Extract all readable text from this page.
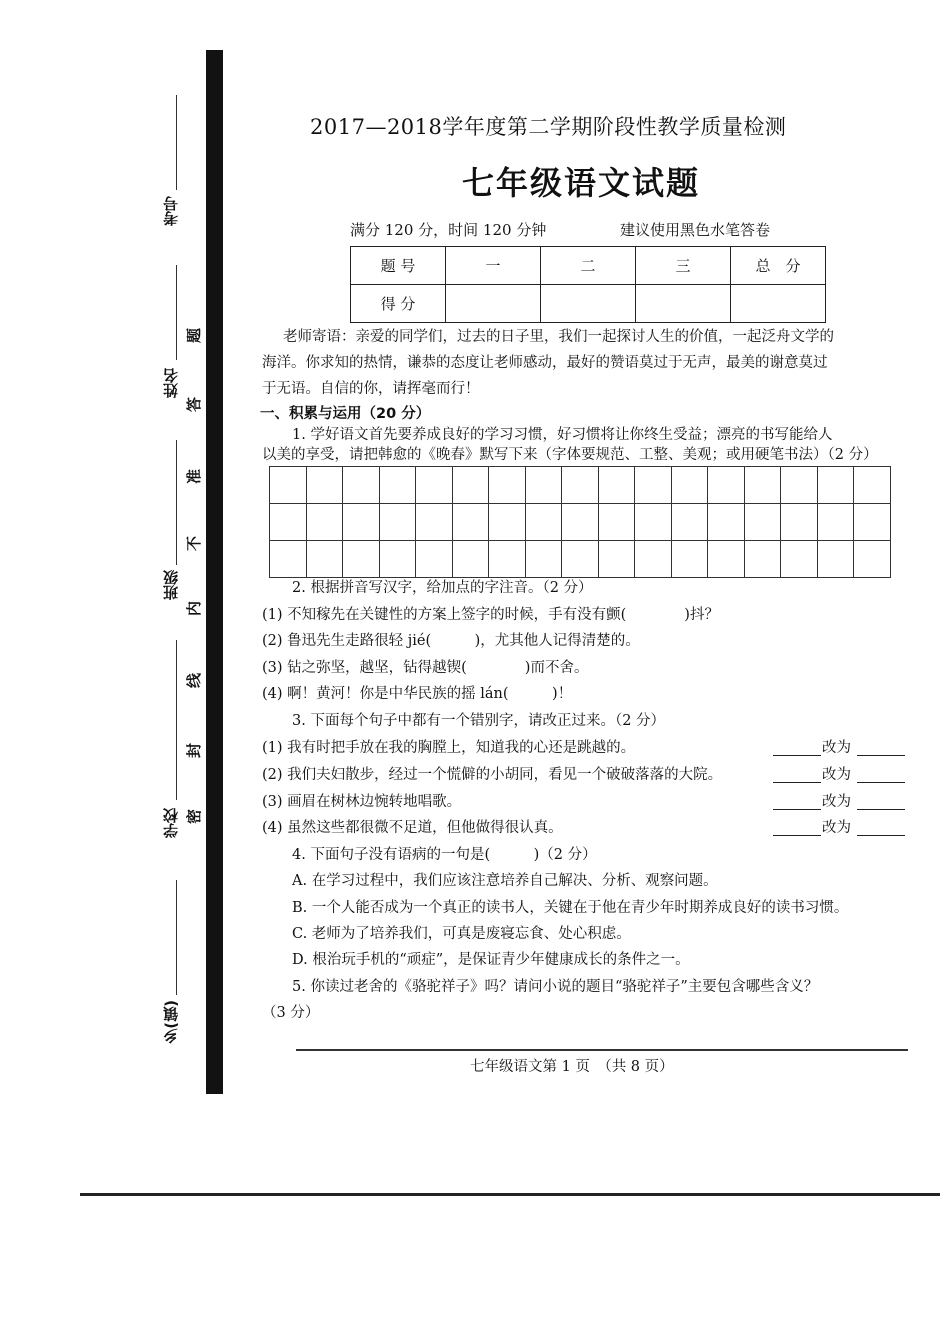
考号
姓名
班级
学校
乡(镇)
题
答
准
不
内
线
封
密
2017—2018学年度第二学期阶段性教学质量检测
七年级语文试题
满分 120 分，时间 120 分钟	建议使用黑色水笔答卷
题 号	一	二	三	总　分
得 分				
老师寄语：亲爱的同学们，过去的日子里，我们一起探讨人生的价值，一起泛舟文学的
海洋。你求知的热情，谦恭的态度让老师感动，最好的赞语莫过于无声，最美的谢意莫过
于无语。自信的你，请挥毫而行！
一、积累与运用（20 分）
1. 学好语文首先要养成良好的学习习惯，好习惯将让你终生受益；漂亮的书写能给人
以美的享受，请把韩愈的《晚春》默写下来（字体要规范、工整、美观；或用硬笔书法）（2 分）

2. 根据拼音写汉字，给加点的字注音。（2 分）
(1) 不知稼先在关键性的方案上签字的时候，手有没有颤(　　　　)抖？
(2) 鲁迅先生走路很轻 jié(　　　)，尤其他人记得清楚的。
(3) 钻之弥坚，越坚，钻得越锲(　　　　)而不舍。
(4) 啊！黄河！你是中华民族的摇 lán(　　　)！
3. 下面每个句子中都有一个错别字，请改正过来。（2 分）
(1) 我有时把手放在我的胸膛上，知道我的心还是跳越的。	改为
(2) 我们夫妇散步，经过一个慌僻的小胡同，看见一个破破落落的大院。	改为
(3) 画眉在树林边惋转地唱歌。	改为
(4) 虽然这些都很微不足道，但他做得很认真。	改为
4. 下面句子没有语病的一句是(　　　)（2 分）
A. 在学习过程中，我们应该注意培养自己解决、分析、观察问题。
B. 一个人能否成为一个真正的读书人，关键在于他在青少年时期养成良好的读书习惯。
C. 老师为了培养我们，可真是废寝忘食、处心积虑。
D. 根治玩手机的“顽症”，是保证青少年健康成长的条件之一。
5. 你读过老舍的《骆驼祥子》吗？请问小说的题目“骆驼祥子”主要包含哪些含义？
（3 分）
七年级语文第 1 页　（共 8 页）
